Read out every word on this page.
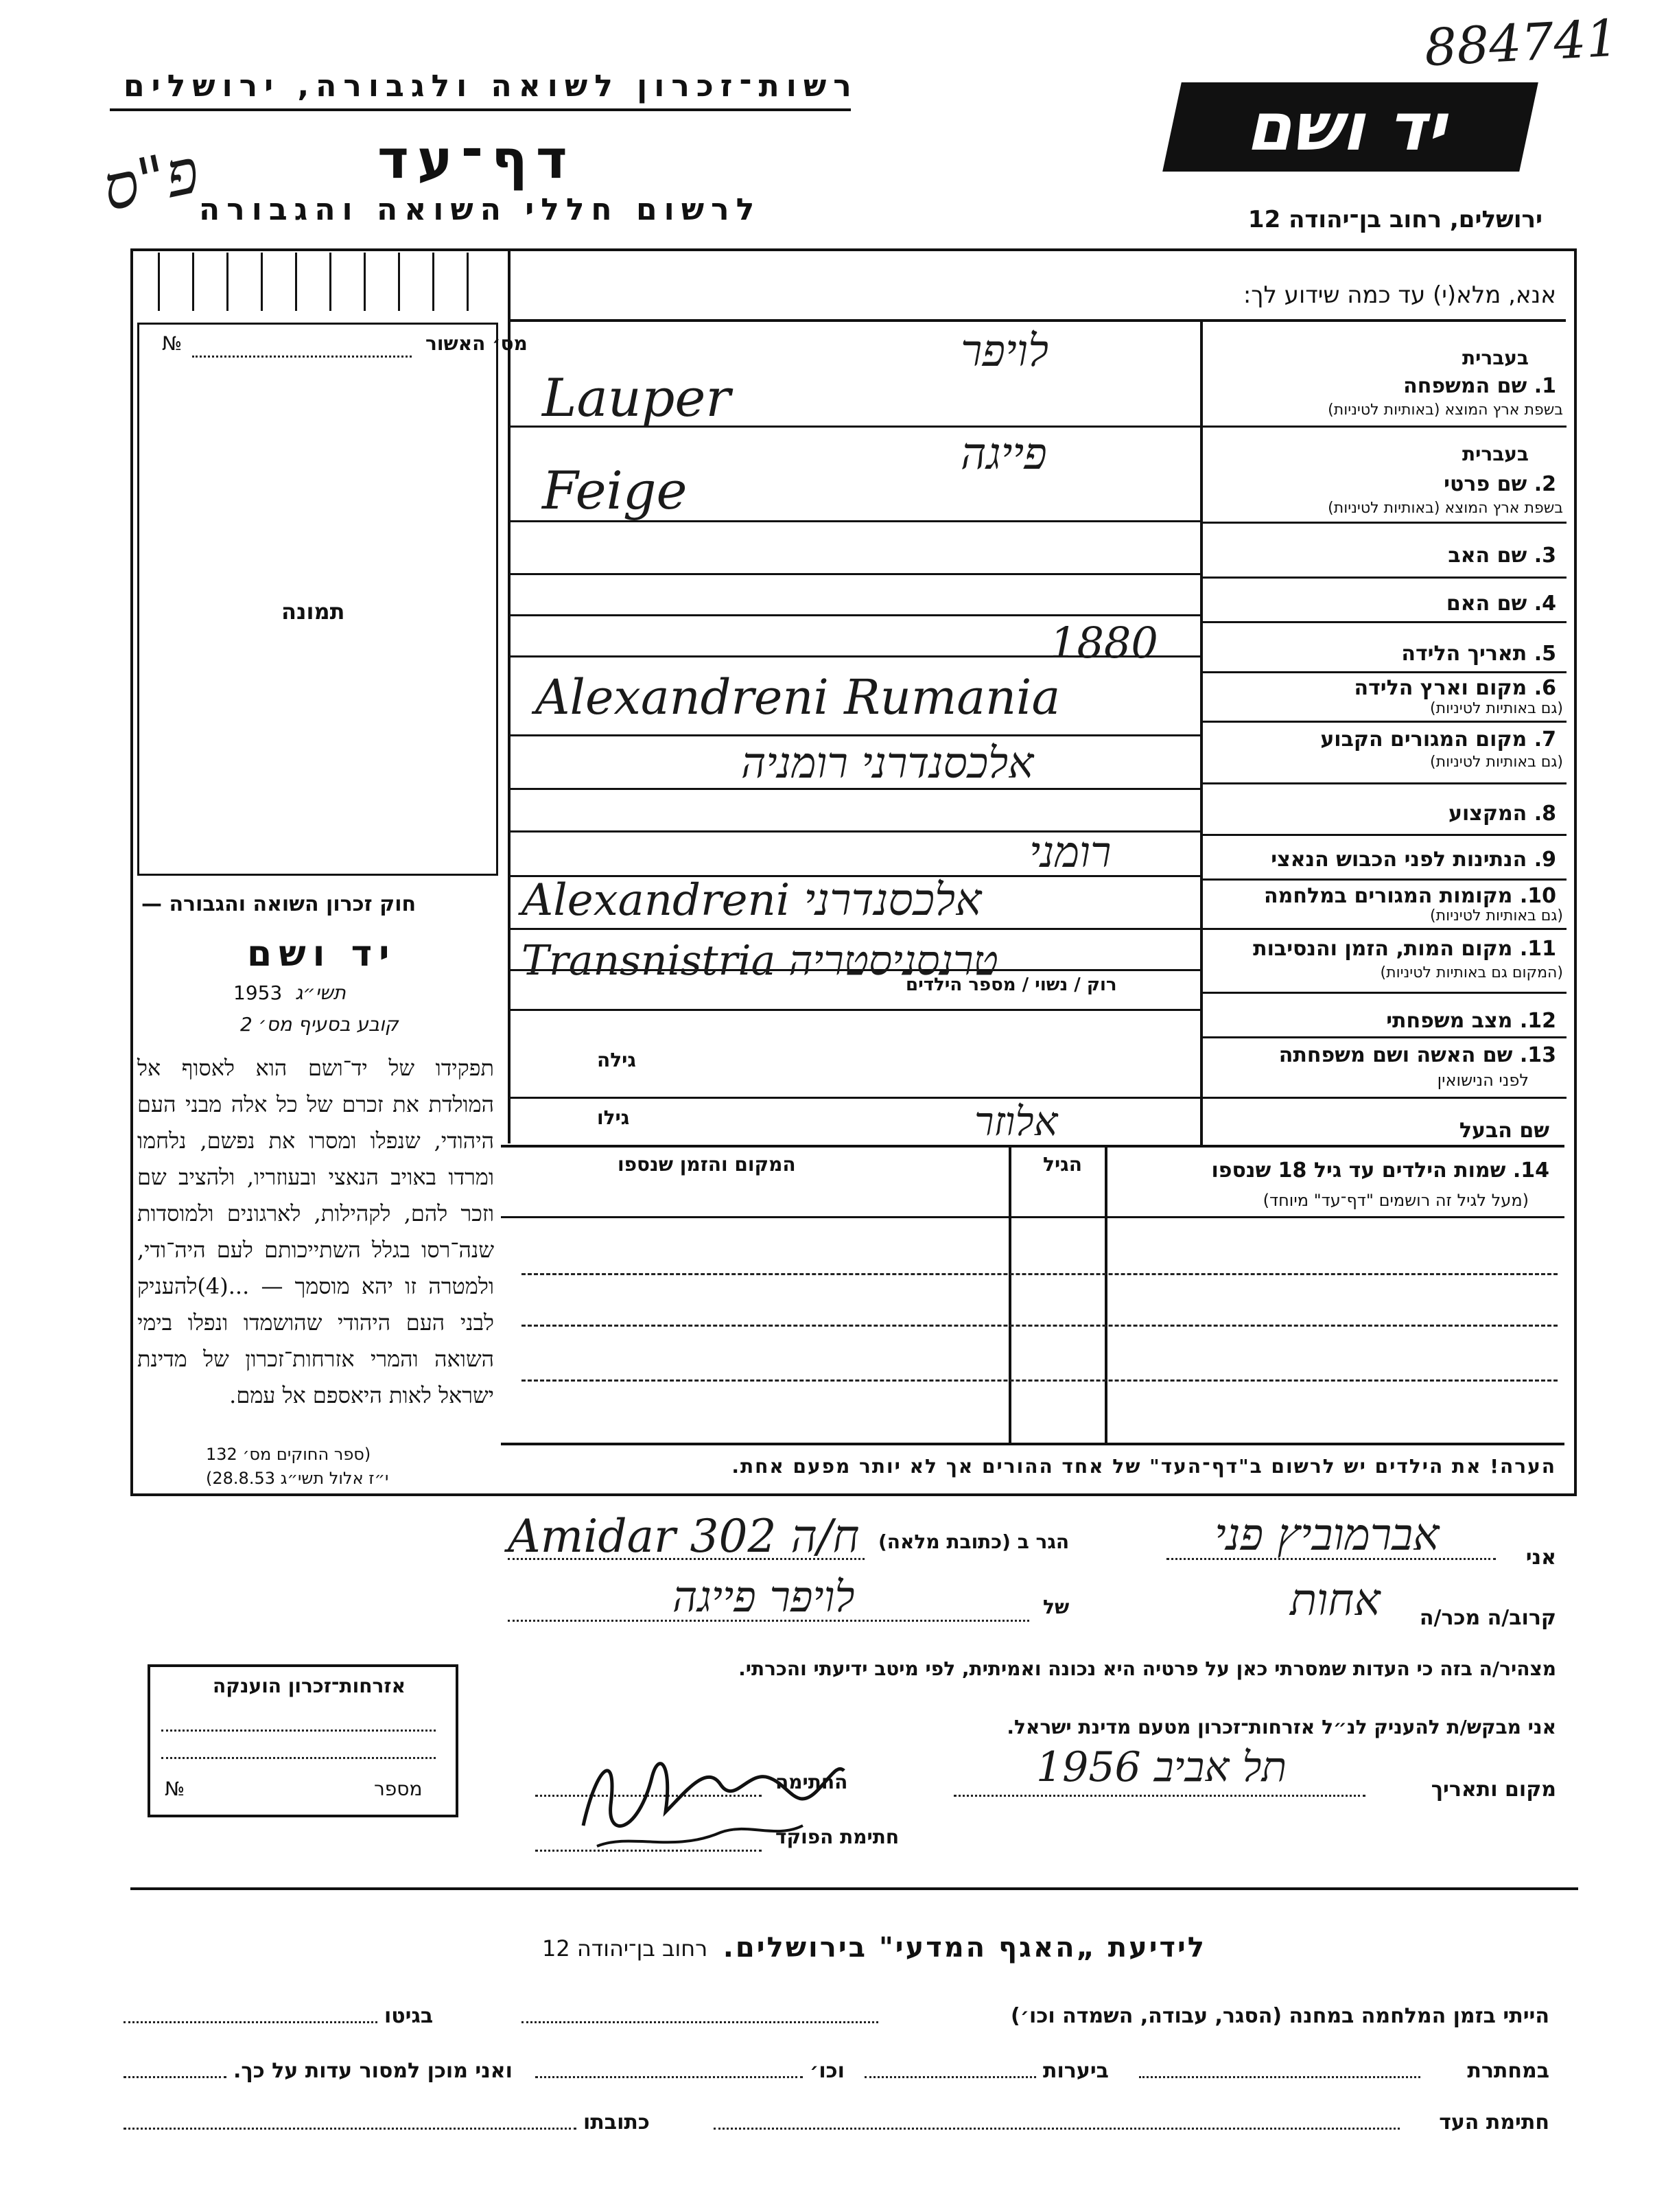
884741
יד ושם
רשות־זכרון לשואה ולגבורה, ירושלים
דף־עד
פ"ס
לרשום חללי השואה והגבורה	ירושלים, רחוב בן־יהודה 12
אנא, מלא(י) עד כמה שידוע לך:
מס׳ האשור
№
תמונה
חוק זכרון השואה והגבורה —
יד ושם
תשי״ג
1953
קובע בסעיף מס׳ 2
תפקידו של יד־ושם הוא לאסוף אל המולדת את זכרם של כל אלה מבני העם היהודי, שנפלו ומסרו את נפשם, נלחמו ומרדו באויב הנאצי ובעוזריו, ולהציב שם וזכר להם, לקהילות, לארגונים ולמוסדות שנה־רסו בגלל השתייכותם לעם היה־ודי, ולמטרה זו יהא מוסמך — ...(4)להעניק לבני העם היהודי שהושמדו ונפלו בימי השואה והמרי אזרחות־זכרון של מדינת ישראל לאות היאספם אל עמם.
(ספר החוקים מס׳ 132
י״ז אלול תשי״ג 28.8.53)
בעברית
1. שם המשפחה
בשפת ארץ המוצא (באותיות לטיניות)
לויפר
Lauper
בעברית
2. שם פרטי
בשפת ארץ המוצא (באותיות לטיניות)
פייגה
Feige
3. שם האב
4. שם האם
5. תאריך הלידה
1880
6. מקום וארץ הלידה
(גם באותיות לטיניות)
Alexandreni Rumania
7. מקום המגורים הקבוע
(גם באותיות לטיניות)
אלכסנדרני רומניה
8. המקצוע
9. הנתינות לפני הכבוש הנאצי
רומני
10. מקומות המגורים במלחמה
(גם באותיות לטיניות)
Alexandreni אלכסנדרני
11. מקום המות, הזמן והנסיבות
(המקום גם באותיות לטיניות)
Transnistria טרנסניסטריה
12. מצב משפחתי
רוק / נשוי / מספר הילדים
13. שם האשה ושם משפחתה
לפני הנישואין
גילה
שם הבעל
גילו	אלוזר
14. שמות הילדים עד גיל 18 שנספו
(מעל לגיל זה רושמים "דף־עד" מיוחד)
הגיל
המקום והזמן שנספו
הערה! את הילדים יש לרשום ב"דף־העד" של אחד ההורים אך לא יותר מפעם אחת.
אני
אברמוביץ פני
הגר ב (כתובת מלאה)
Amidar 302 ח/ה
קרוב/ה מכר/ה
אחות
של
לויפר פייגה
מצהיר/ה בזה כי העדות שמסרתי כאן על פרטיה היא נכונה ואמיתית, לפי מיטב ידיעתי והכרתי.
אני מבקש/ת להעניק לנ״ל אזרחות־זכרון מטעם מדינת ישראל.
מקום ותאריך
תל אביב 1956
החתימה
חתימת הפוקד
אזרחות־זכרון הוענקה
מספר
№
לידיעת „האגף המדעי" בירושלים.
רחוב בן־יהודה 12
הייתי בזמן המלחמה במחנה (הסגר, עבודה, השמדה וכו׳)
בגיטו
במחתרת
ביערות
וכו׳
ואני מוכן למסור עדות על כך.
חתימת העד
כתובתו
